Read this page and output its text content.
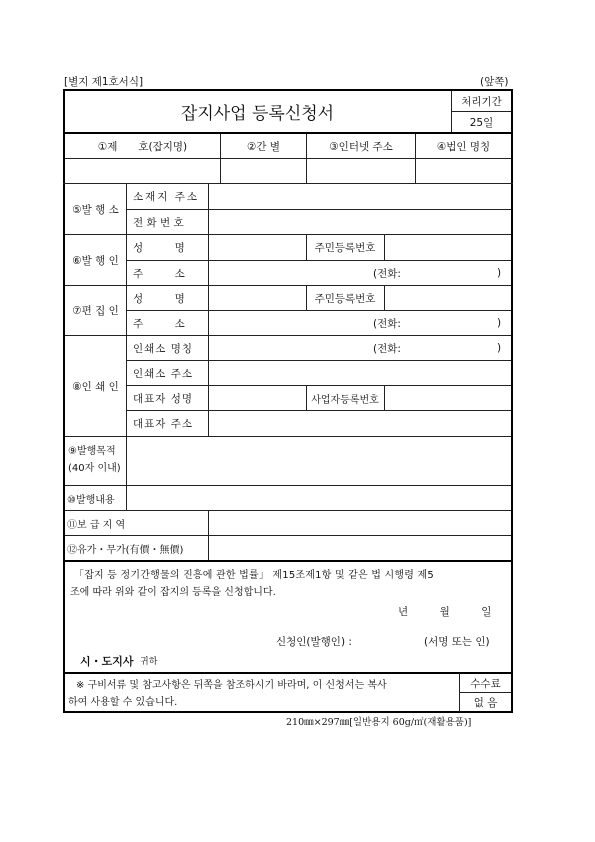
[별지 제1호서식]	(앞쪽)
잡지사업 등록신청서
처리기간
25일
①제　　호(잡지명)	②간 별	③인터넷 주소	④법인 명칭
⑤발 행 소
소재지 주소
전 화 번 호
⑥발 행 인
성　　　명	주민등록번호
주　　　소	(전화:	)
⑦편 집 인
성　　　명	주민등록번호
주　　　소	(전화:	)
⑧인 쇄 인
인쇄소 명칭	(전화:	)
인쇄소 주소
대표자 성명	사업자등록번호
대표자 주소
⑨발행목적
(40자 이내)
⑩발행내용
⑪보 급 지 역
⑫유가・무가(有價・無價)
「잡지 등 정기간행물의 진흥에 관한 법률」 제15조제1항 및 같은 법 시행령 제5
조에 따라 위와 같이 잡지의 등록을 신청합니다.
년　　　월　　　일
신청인(발행인) :	(서명 또는 인)
시・도지사 귀하
※ 구비서류 및 참고사항은 뒤쪽을 참조하시기 바라며, 이 신청서는 복사
하여 사용할 수 있습니다.
수수료
없 음
210㎜×297㎜[일반용지 60g/㎡(재활용품)]
